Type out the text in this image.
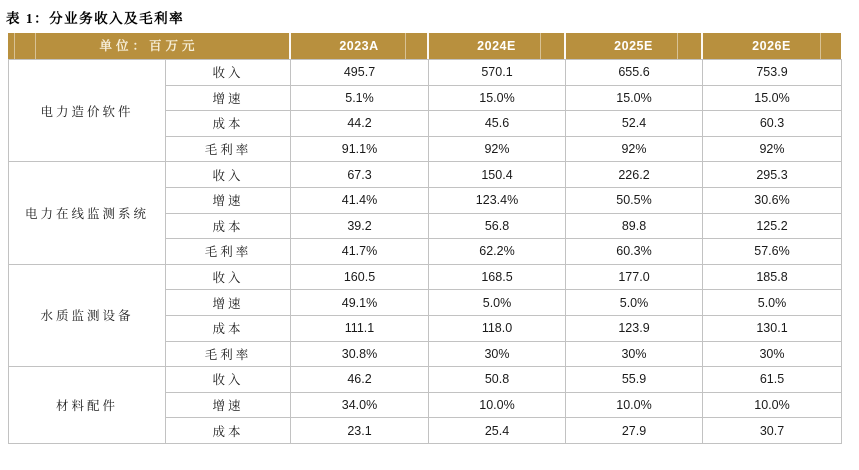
表 1：分业务收入及毛利率
单位：百万元	2023A	2024E	2025E	2026E
电力造价软件	收入	495.7	570.1	655.6	753.9
	增速	5.1%	15.0%	15.0%	15.0%
	成本	44.2	45.6	52.4	60.3
	毛利率	91.1%	92%	92%	92%
电力在线监测系统	收入	67.3	150.4	226.2	295.3
	增速	41.4%	123.4%	50.5%	30.6%
	成本	39.2	56.8	89.8	125.2
	毛利率	41.7%	62.2%	60.3%	57.6%
水质监测设备	收入	160.5	168.5	177.0	185.8
	增速	49.1%	5.0%	5.0%	5.0%
	成本	111.1	118.0	123.9	130.1
	毛利率	30.8%	30%	30%	30%
材料配件	收入	46.2	50.8	55.9	61.5
	增速	34.0%	10.0%	10.0%	10.0%
	成本	23.1	25.4	27.9	30.7
